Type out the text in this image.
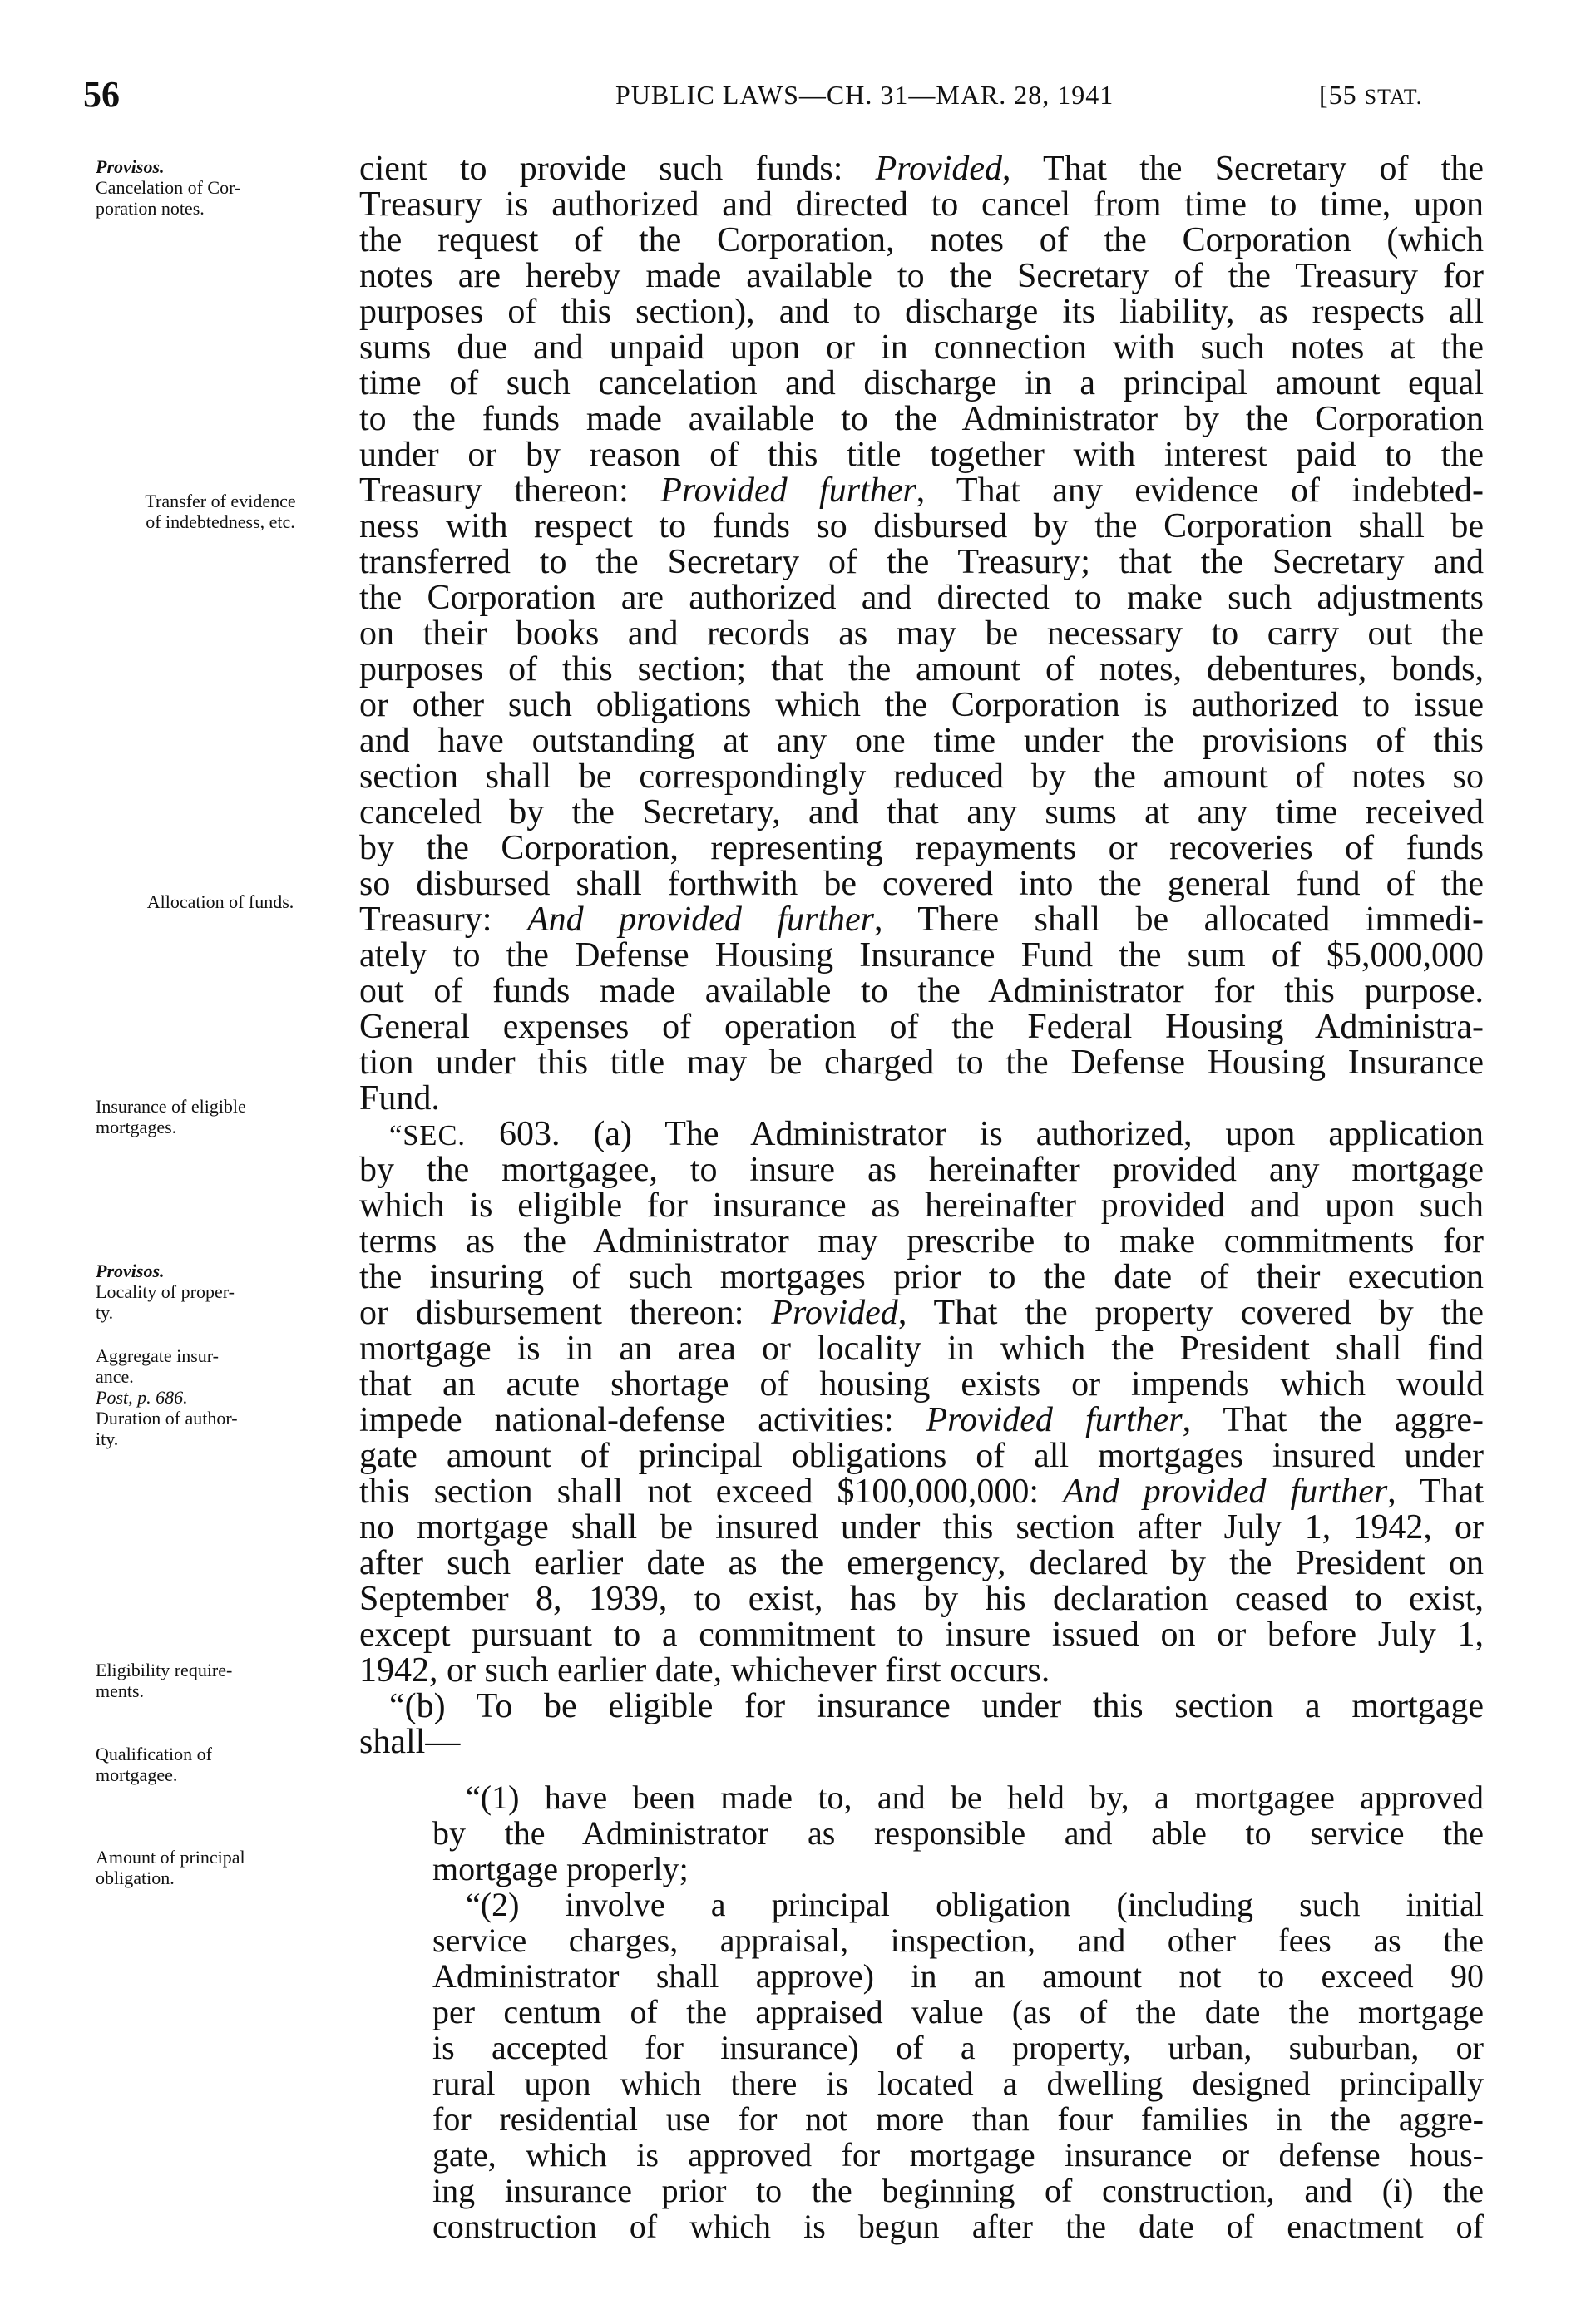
56	PUBLIC LAWS—CH. 31—MAR. 28, 1941	[55 STAT.
Provisos.
Cancelation of Cor-
poration notes.
Transfer of evidence
of indebtedness, etc.
Allocation of funds.
Insurance of eligible
mortgages.
Provisos.
Locality of proper-
ty.
Aggregate insur-
ance.
Post, p. 686.
Duration of author-
ity.
Eligibility require-
ments.
Qualification of
mortgagee.
Amount of principal
obligation.
cient to provide such funds: Provided, That the Secretary of the
Treasury is authorized and directed to cancel from time to time, upon
the request of the Corporation, notes of the Corporation (which
notes are hereby made available to the Secretary of the Treasury for
purposes of this section), and to discharge its liability, as respects all
sums due and unpaid upon or in connection with such notes at the
time of such cancelation and discharge in a principal amount equal
to the funds made available to the Administrator by the Corporation
under or by reason of this title together with interest paid to the
Treasury thereon: Provided further, That any evidence of indebted-
ness with respect to funds so disbursed by the Corporation shall be
transferred to the Secretary of the Treasury; that the Secretary and
the Corporation are authorized and directed to make such adjustments
on their books and records as may be necessary to carry out the
purposes of this section; that the amount of notes, debentures, bonds,
or other such obligations which the Corporation is authorized to issue
and have outstanding at any one time under the provisions of this
section shall be correspondingly reduced by the amount of notes so
canceled by the Secretary, and that any sums at any time received
by the Corporation, representing repayments or recoveries of funds
so disbursed shall forthwith be covered into the general fund of the
Treasury: And provided further, There shall be allocated immedi-
ately to the Defense Housing Insurance Fund the sum of $5,000,000
out of funds made available to the Administrator for this purpose.
General expenses of operation of the Federal Housing Administra-
tion under this title may be charged to the Defense Housing Insurance
Fund.
“SEC. 603. (a) The Administrator is authorized, upon application
by the mortgagee, to insure as hereinafter provided any mortgage
which is eligible for insurance as hereinafter provided and upon such
terms as the Administrator may prescribe to make commitments for
the insuring of such mortgages prior to the date of their execution
or disbursement thereon: Provided, That the property covered by the
mortgage is in an area or locality in which the President shall find
that an acute shortage of housing exists or impends which would
impede national-defense activities: Provided further, That the aggre-
gate amount of principal obligations of all mortgages insured under
this section shall not exceed $100,000,000: And provided further, That
no mortgage shall be insured under this section after July 1, 1942, or
after such earlier date as the emergency, declared by the President on
September 8, 1939, to exist, has by his declaration ceased to exist,
except pursuant to a commitment to insure issued on or before July 1,
1942, or such earlier date, whichever first occurs.
“(b) To be eligible for insurance under this section a mortgage
shall—
“(1) have been made to, and be held by, a mortgagee approved
by the Administrator as responsible and able to service the
mortgage properly;
“(2) involve a principal obligation (including such initial
service charges, appraisal, inspection, and other fees as the
Administrator shall approve) in an amount not to exceed 90
per centum of the appraised value (as of the date the mortgage
is accepted for insurance) of a property, urban, suburban, or
rural upon which there is located a dwelling designed principally
for residential use for not more than four families in the aggre-
gate, which is approved for mortgage insurance or defense hous-
ing insurance prior to the beginning of construction, and (i) the
construction of which is begun after the date of enactment of
